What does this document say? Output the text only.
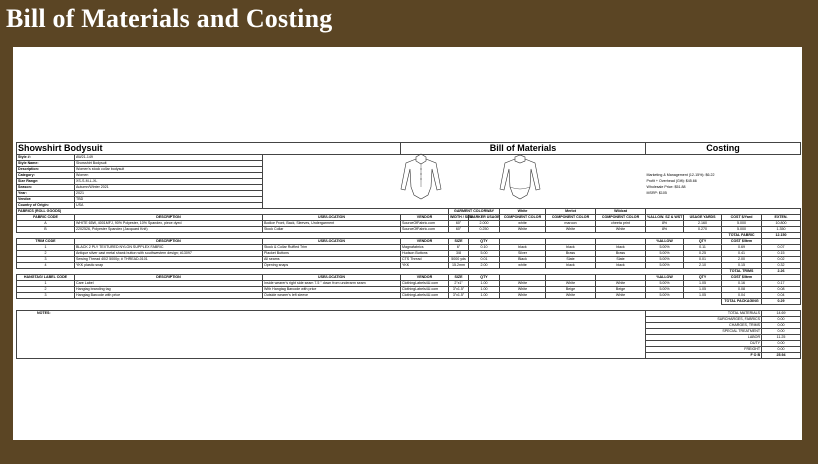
Bill of Materials and Costing
Showshirt Bodysuit			Bill of Materials						Costing			
Style #:	AW21-149											
Style Name:	Showshirt Bodysuit											
Description:	Women's stock collar bodysuit											
Category:	Women								Marketing & Management (12-15%): $6.22			
Size Range:	XS-S-M-L-XL								Profit + Overhead (Gift): $45.66			
Season:	Autumn/Winter 2021								Wholesale Price: $51.88			
Year:	2021								MSRP: $105			
Vendor:	TBD											
Country of Origin:	USA											
FABRICS (ROLL GOODS)				GARMENT COLORWAY		White	Merlot	Wildcat				
FABRIC CODE	DESCRIPTION	USE/LOCATION	VENDOR	WIDTH / SIZE	MARKER USAGE	COMPONENT COLOR	COMPONENT COLOR	COMPONENT COLOR	%ALLOW. SZ & WST	USAGE YARDS	COST $/Yard	EXTEN.
A	WHITE 65W, 4001MFJ, 90% Polyester, 10% Spandex, piece dyed	Bodice Front, Back, Sleeves, Undergarment	SourceOfFabric.com	60"	2.000	white	maroon	cheeta print	8%	2.160	5.000	10.800
B	2202526, Polyester Spandex (Jacquard Knit)	Stock Collar	SourceOfFabric.com	60"	0.250	White	White	White	8%	0.270	5.000	1.350
											TOTAL FABRIC	12.150
TRIM CODE	DESCRIPTION	USE/LOCATION	VENDOR	SIZE	QTY				%ALLOW	QTY	COST $/Item	
1	BLACK 2 PLY TEXTURED NYLON SUPPLEX FABRIC	Stock & Collar Ruffled Trim	Magnafabrics	6"	0.10	black	black	black	5.00%	0.11	0.69	0.07
2	Antique silver cast metal shank button with southwestern design; #13097	Placket Buttons	Hudson Buttons	3/8	5.00	Silver	Brass	Brass	5.00%	0.25	0.41	0.15
3	Sewing Thread 40/2 5000y; # THREAD-0101	All seams	CTS Thread	5000 yds	0.01	Black	Slate	Slate	5.00%	0.01	2.00	0.02
4	YKK plastic snap	Opening snaps	YKK	15.2mm	2.00	white	black	black	5.00%	2.10	0.15	0.32
											TOTAL TRIMS	2.26
HANGTAG/ LABEL CODE	DESCRIPTION	USE/LOCATION	VENDOR	SIZE	QTY				%ALLOW	QTY	COST $/Item	
1	Care Label	Inside wearer's right side seam 7.5 " down from underarm seam	ClothingLabels4U.com	2"x1"	1.00	White	White	White	5.00%	1.05	0.16	0.17
2	Hangtag branding tag	With Hangtag Barcode with price	ClothingLabels4U.com	3"x1.5"	1.00	White	Beige	Beige	5.00%	1.05	0.08	0.08
3	Hangtag Barcode with price	Outside wearer's left sleeve	ClothingLabels4U.com	3"x1.5"	1.00	White	White	White	5.00%	1.05	0.04	0.04
											TOTAL PACKAGING	0.29

NOTES:									TOTAL MATERIALS			14.69
									SURCHARGES, FABRICS			0.00
									CHARGES, TRIMS			0.00
									SPECIAL TREATMENT			0.00
									LABOR			11.25
									DUTY			0.00
									FREIGHT			0.00
									F O B			25.94
